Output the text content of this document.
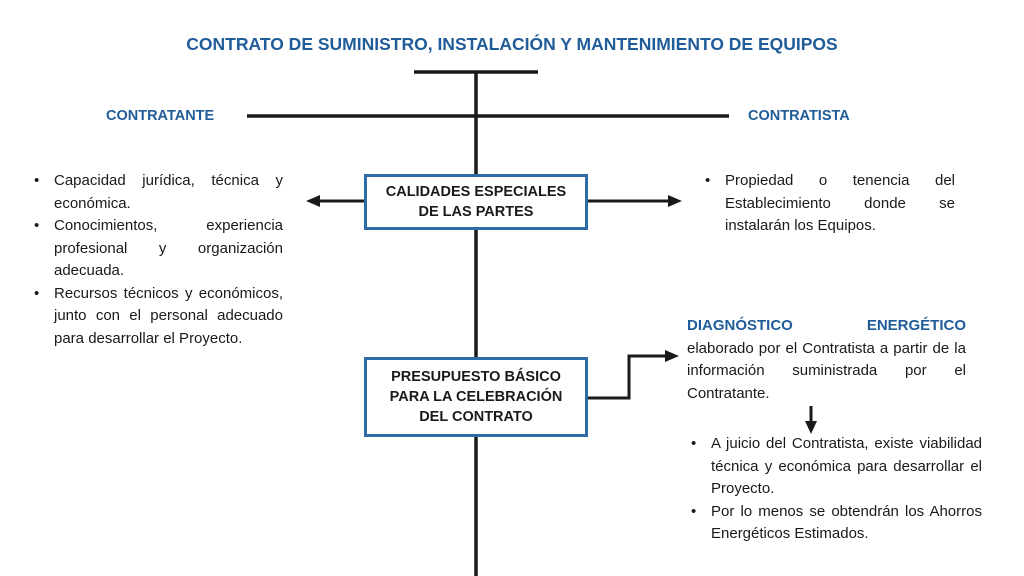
CONTRATO DE SUMINISTRO, INSTALACIÓN Y MANTENIMIENTO DE EQUIPOS
CONTRATANTE	CONTRATISTA
CALIDADES ESPECIALES
DE LAS PARTES
PRESUPUESTO BÁSICO
PARA LA CELEBRACIÓN
DEL CONTRATO
• Capacidad jurídica, técnica y económica.
• Conocimientos, experiencia profesional y organización adecuada.
• Recursos técnicos y económicos, junto con el personal adecuado para desarrollar el Proyecto.
• Propiedad o tenencia del Establecimiento donde se instalarán los Equipos.
DIAGNÓSTICO ENERGÉTICO
elaborado por el Contratista a partir de la información suministrada por el Contratante.
• A juicio del Contratista, existe viabilidad técnica y económica para desarrollar el Proyecto.
• Por lo menos se obtendrán los Ahorros Energéticos Estimados.
